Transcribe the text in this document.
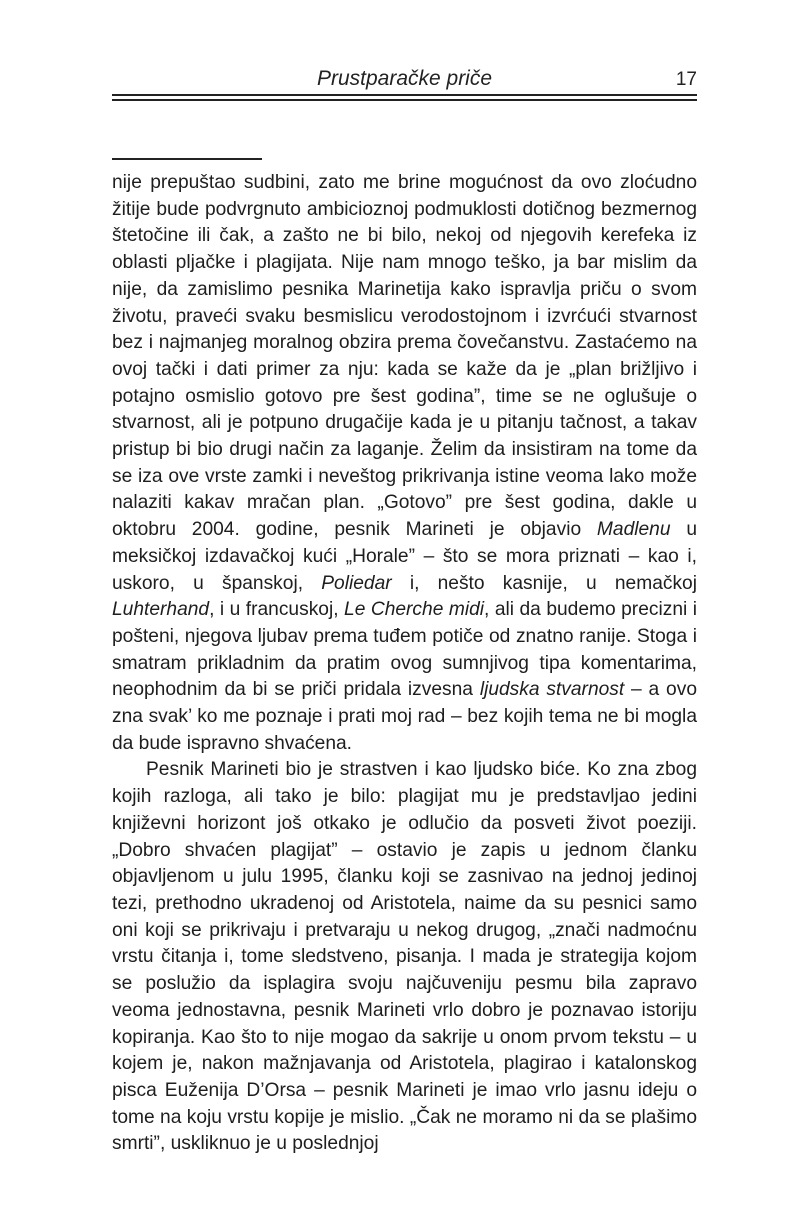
Prustparačke priče	17

nije prepuštao sudbini, zato me brine mogućnost da ovo zloćudno žitije bude podvrgnuto ambicioznoj podmuklosti dotičnog bezmernog štetočine ili čak, a zašto ne bi bilo, nekoj od njegovih kerefeka iz oblasti pljačke i plagijata. Nije nam mnogo teško, ja bar mislim da nije, da zamislimo pesnika Marinetija kako ispravlja priču o svom životu, praveći svaku besmislicu verodostojnom i izvrćući stvarnost bez i najmanjeg moralnog obzira prema čovečanstvu. Zastaćemo na ovoj tački i dati primer za nju: kada se kaže da je „plan brižljivo i potajno osmislio gotovo pre šest godina”, time se ne oglušuje o stvarnost, ali je potpuno drugačije kada je u pitanju tačnost, a takav pristup bi bio drugi način za laganje. Želim da insistiram na tome da se iza ove vrste zamki i neveštog prikrivanja istine veoma lako može nalaziti kakav mračan plan. „Gotovo” pre šest godina, dakle u oktobru 2004. godine, pesnik Marineti je objavio Madlenu u meksičkoj izdavačkoj kući „Horale” – što se mora priznati – kao i, uskoro, u španskoj, Poliedar i, nešto kasnije, u nemačkoj Luhterhand, i u francuskoj, Le Cherche midi, ali da budemo precizni i pošteni, njegova ljubav prema tuđem potiče od znatno ranije. Stoga i smatram prikladnim da pratim ovog sumnjivog tipa komentarima, neophodnim da bi se priči pridala izvesna ljudska stvarnost – a ovo zna svak’ ko me poznaje i prati moj rad – bez kojih tema ne bi mogla da bude ispravno shvaćena.

Pesnik Marineti bio je strastven i kao ljudsko biće. Ko zna zbog kojih razloga, ali tako je bilo: plagijat mu je predstavljao jedini književni horizont još otkako je odlučio da posveti život poeziji. „Dobro shvaćen plagijat” – ostavio je zapis u jednom članku objavljenom u julu 1995, članku koji se zasnivao na jednoj jedinoj tezi, prethodno ukradenoj od Aristotela, naime da su pesnici samo oni koji se prikrivaju i pretvaraju u nekog drugog, „znači nadmoćnu vrstu čitanja i, tome sledstveno, pisanja. I mada je strategija kojom se poslužio da isplagira svoju najčuveniju pesmu bila zapravo veoma jednostavna, pesnik Marineti vrlo dobro je poznavao istoriju kopiranja. Kao što to nije mogao da sakrije u onom prvom tekstu – u kojem je, nakon mažnjavanja od Aristotela, plagirao i katalonskog pisca Euženija D’Orsa – pesnik Marineti je imao vrlo jasnu ideju o tome na koju vrstu kopije je mislio. „Čak ne moramo ni da se plašimo smrti”, uskliknuo je u poslednjoj
